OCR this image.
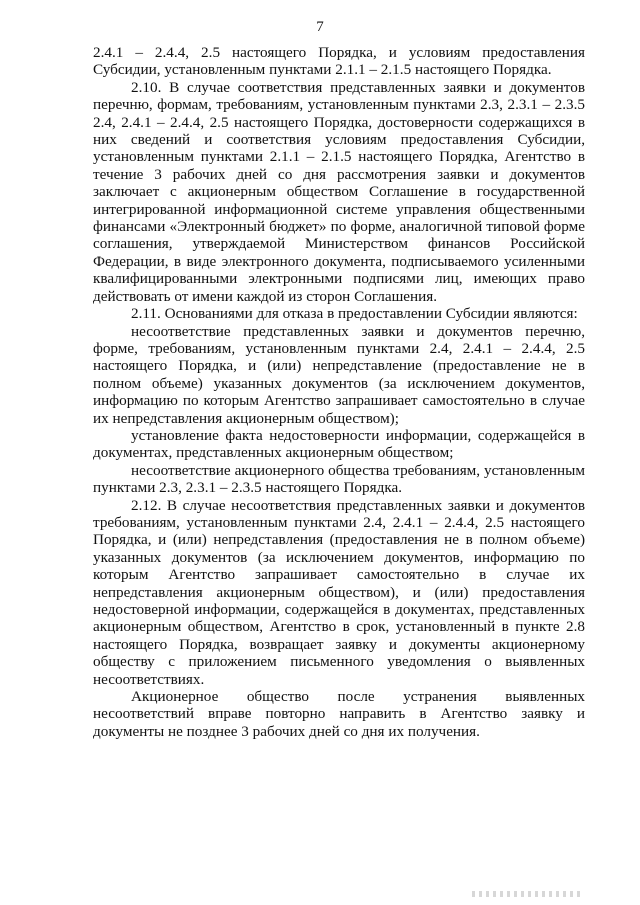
7

2.4.1 – 2.4.4, 2.5 настоящего Порядка, и условиям предоставления Субсидии, установленным пунктами 2.1.1 – 2.1.5 настоящего Порядка.

2.10. В случае соответствия представленных заявки и документов перечню, формам, требованиям, установленным пунктами 2.3, 2.3.1 – 2.3.5 2.4, 2.4.1 – 2.4.4, 2.5 настоящего Порядка, достоверности содержащихся в них сведений и соответствия условиям предоставления Субсидии, установленным пунктами 2.1.1 – 2.1.5 настоящего Порядка, Агентство в течение 3 рабочих дней со дня рассмотрения заявки и документов заключает с акционерным обществом Соглашение в государственной интегрированной информационной системе управления общественными финансами «Электронный бюджет» по форме, аналогичной типовой форме соглашения, утверждаемой Министерством финансов Российской Федерации, в виде электронного документа, подписываемого усиленными квалифицированными электронными подписями лиц, имеющих право действовать от имени каждой из сторон Соглашения.

2.11. Основаниями для отказа в предоставлении Субсидии являются:

несоответствие представленных заявки и документов перечню, форме, требованиям, установленным пунктами 2.4, 2.4.1 – 2.4.4, 2.5 настоящего Порядка, и (или) непредставление (предоставление не в полном объеме) указанных документов (за исключением документов, информацию по которым Агентство запрашивает самостоятельно в случае их непредставления акционерным обществом);

установление факта недостоверности информации, содержащейся в документах, представленных акционерным обществом;

несоответствие акционерного общества требованиям, установленным пунктами 2.3, 2.3.1 – 2.3.5 настоящего Порядка.

2.12. В случае несоответствия представленных заявки и документов требованиям, установленным пунктами 2.4, 2.4.1 – 2.4.4, 2.5 настоящего Порядка, и (или) непредставления (предоставления не в полном объеме) указанных документов (за исключением документов, информацию по которым Агентство запрашивает самостоятельно в случае их непредставления акционерным обществом), и (или) предоставления недостоверной информации, содержащейся в документах, представленных акционерным обществом, Агентство в срок, установленный в пункте 2.8 настоящего Порядка, возвращает заявку и документы акционерному обществу с приложением письменного уведомления о выявленных несоответствиях.

Акционерное общество после устранения выявленных несоответствий вправе повторно направить в Агентство заявку и документы не позднее 3 рабочих дней со дня их получения.
